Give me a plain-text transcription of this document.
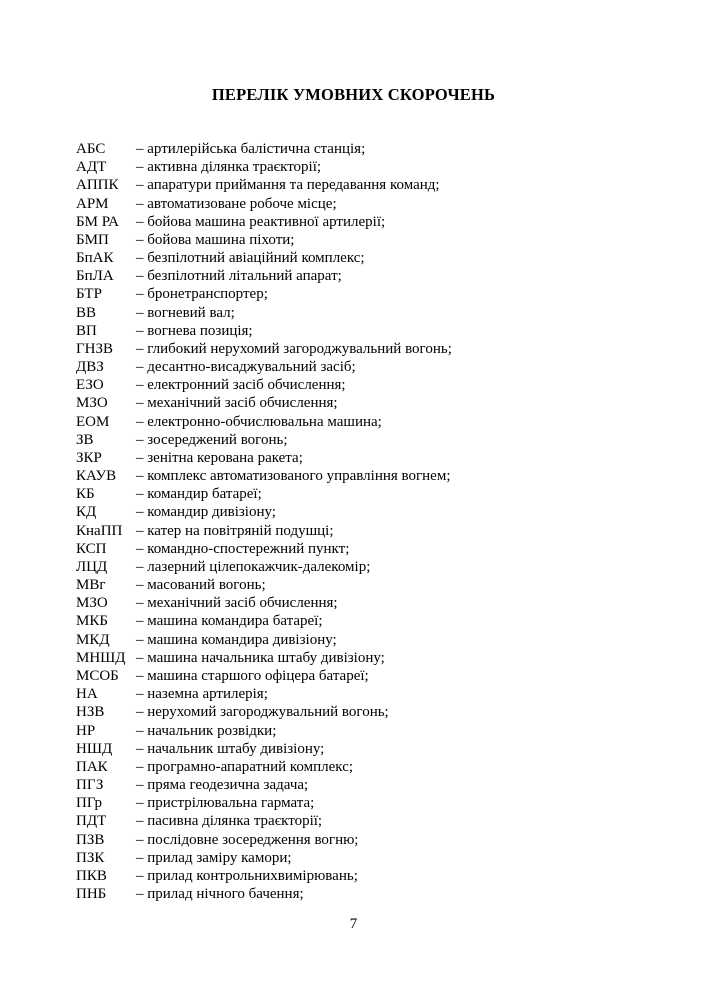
ПЕРЕЛІК УМОВНИХ СКОРОЧЕНЬ
АБС	– артилерійська балістична станція;
АДТ	– активна ділянка траєкторії;
АППК	– апаратури приймання та передавання команд;
АРМ	– автоматизоване робоче місце;
БМ РА	– бойова машина реактивної артилерії;
БМП	– бойова машина піхоти;
БпАК	– безпілотний авіаційний комплекс;
БпЛА	– безпілотний літальний апарат;
БТР	– бронетранспортер;
ВВ	– вогневий вал;
ВП	– вогнева позиція;
ГНЗВ	– глибокий нерухомий загороджувальний вогонь;
ДВЗ	– десантно-висаджувальний засіб;
ЕЗО	– електронний засіб обчислення;
МЗО	– механічний засіб обчислення;
ЕОМ	– електронно-обчислювальна машина;
ЗВ	– зосереджений вогонь;
ЗКР	– зенітна керована ракета;
КАУВ	– комплекс автоматизованого управління вогнем;
КБ	– командир батареї;
КД	– командир дивізіону;
КнаПП – катер на повітряній подушці;
КСП	– командно-спостережний пункт;
ЛЦД	– лазерний цілепокажчик-далекомір;
МВг	– масований вогонь;
МЗО	– механічний засіб обчислення;
МКБ	– машина командира батареї;
МКД	– машина командира дивізіону;
МНШД – машина начальника штабу дивізіону;
МСОБ	– машина старшого офіцера батареї;
НА	– наземна артилерія;
НЗВ	– нерухомий загороджувальний вогонь;
НР	– начальник розвідки;
НШД	– начальник штабу дивізіону;
ПАК	– програмно-апаратний комплекс;
ПГЗ	– пряма геодезична задача;
ПГр	– пристрілювальна гармата;
ПДТ	– пасивна ділянка траєкторії;
ПЗВ	– послідовне зосередження вогню;
ПЗК	– прилад заміру камори;
ПКВ	– прилад контрольнихвимірювань;
ПНБ	– прилад нічного бачення;
7
